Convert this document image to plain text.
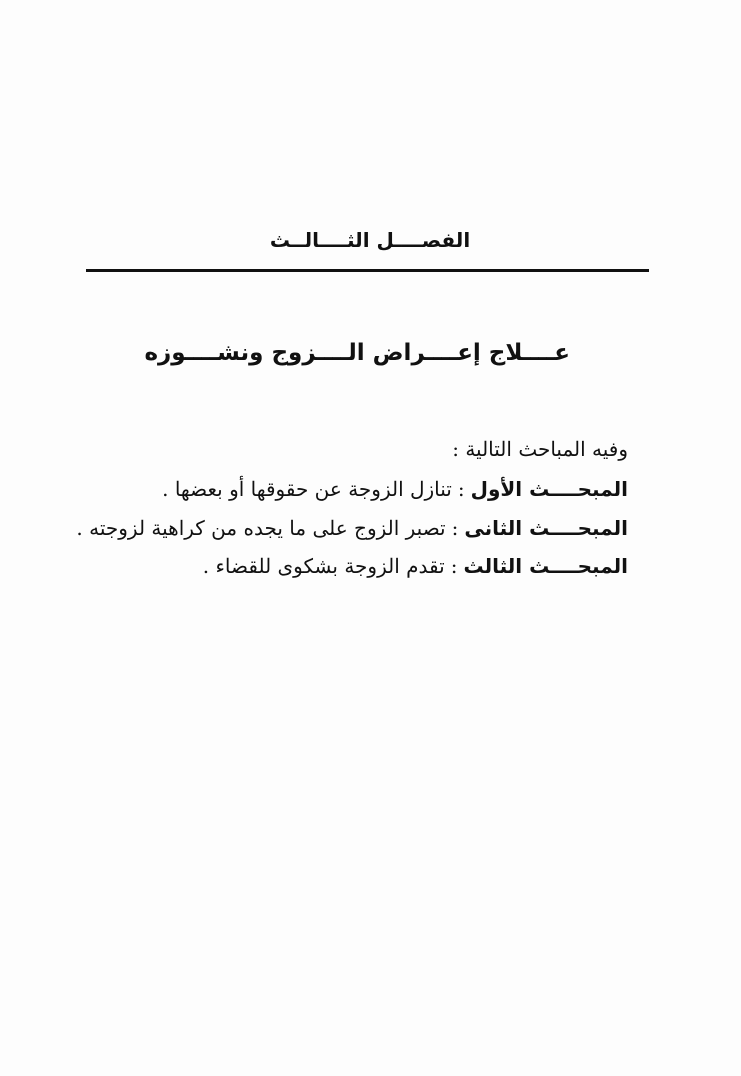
الفصــــل الثــــالــث
عــــلاج إعــــراض الــــزوج ونشــــوزه
وفيه المباحث التالية :
المبحــــث الأول:تنازل الزوجة عن حقوقها أو بعضها .
المبحــــث الثانى:تصبر الزوج على ما يجده من كراهية لزوجته .
المبحــــث الثالث:تقدم الزوجة بشكوى للقضاء .
